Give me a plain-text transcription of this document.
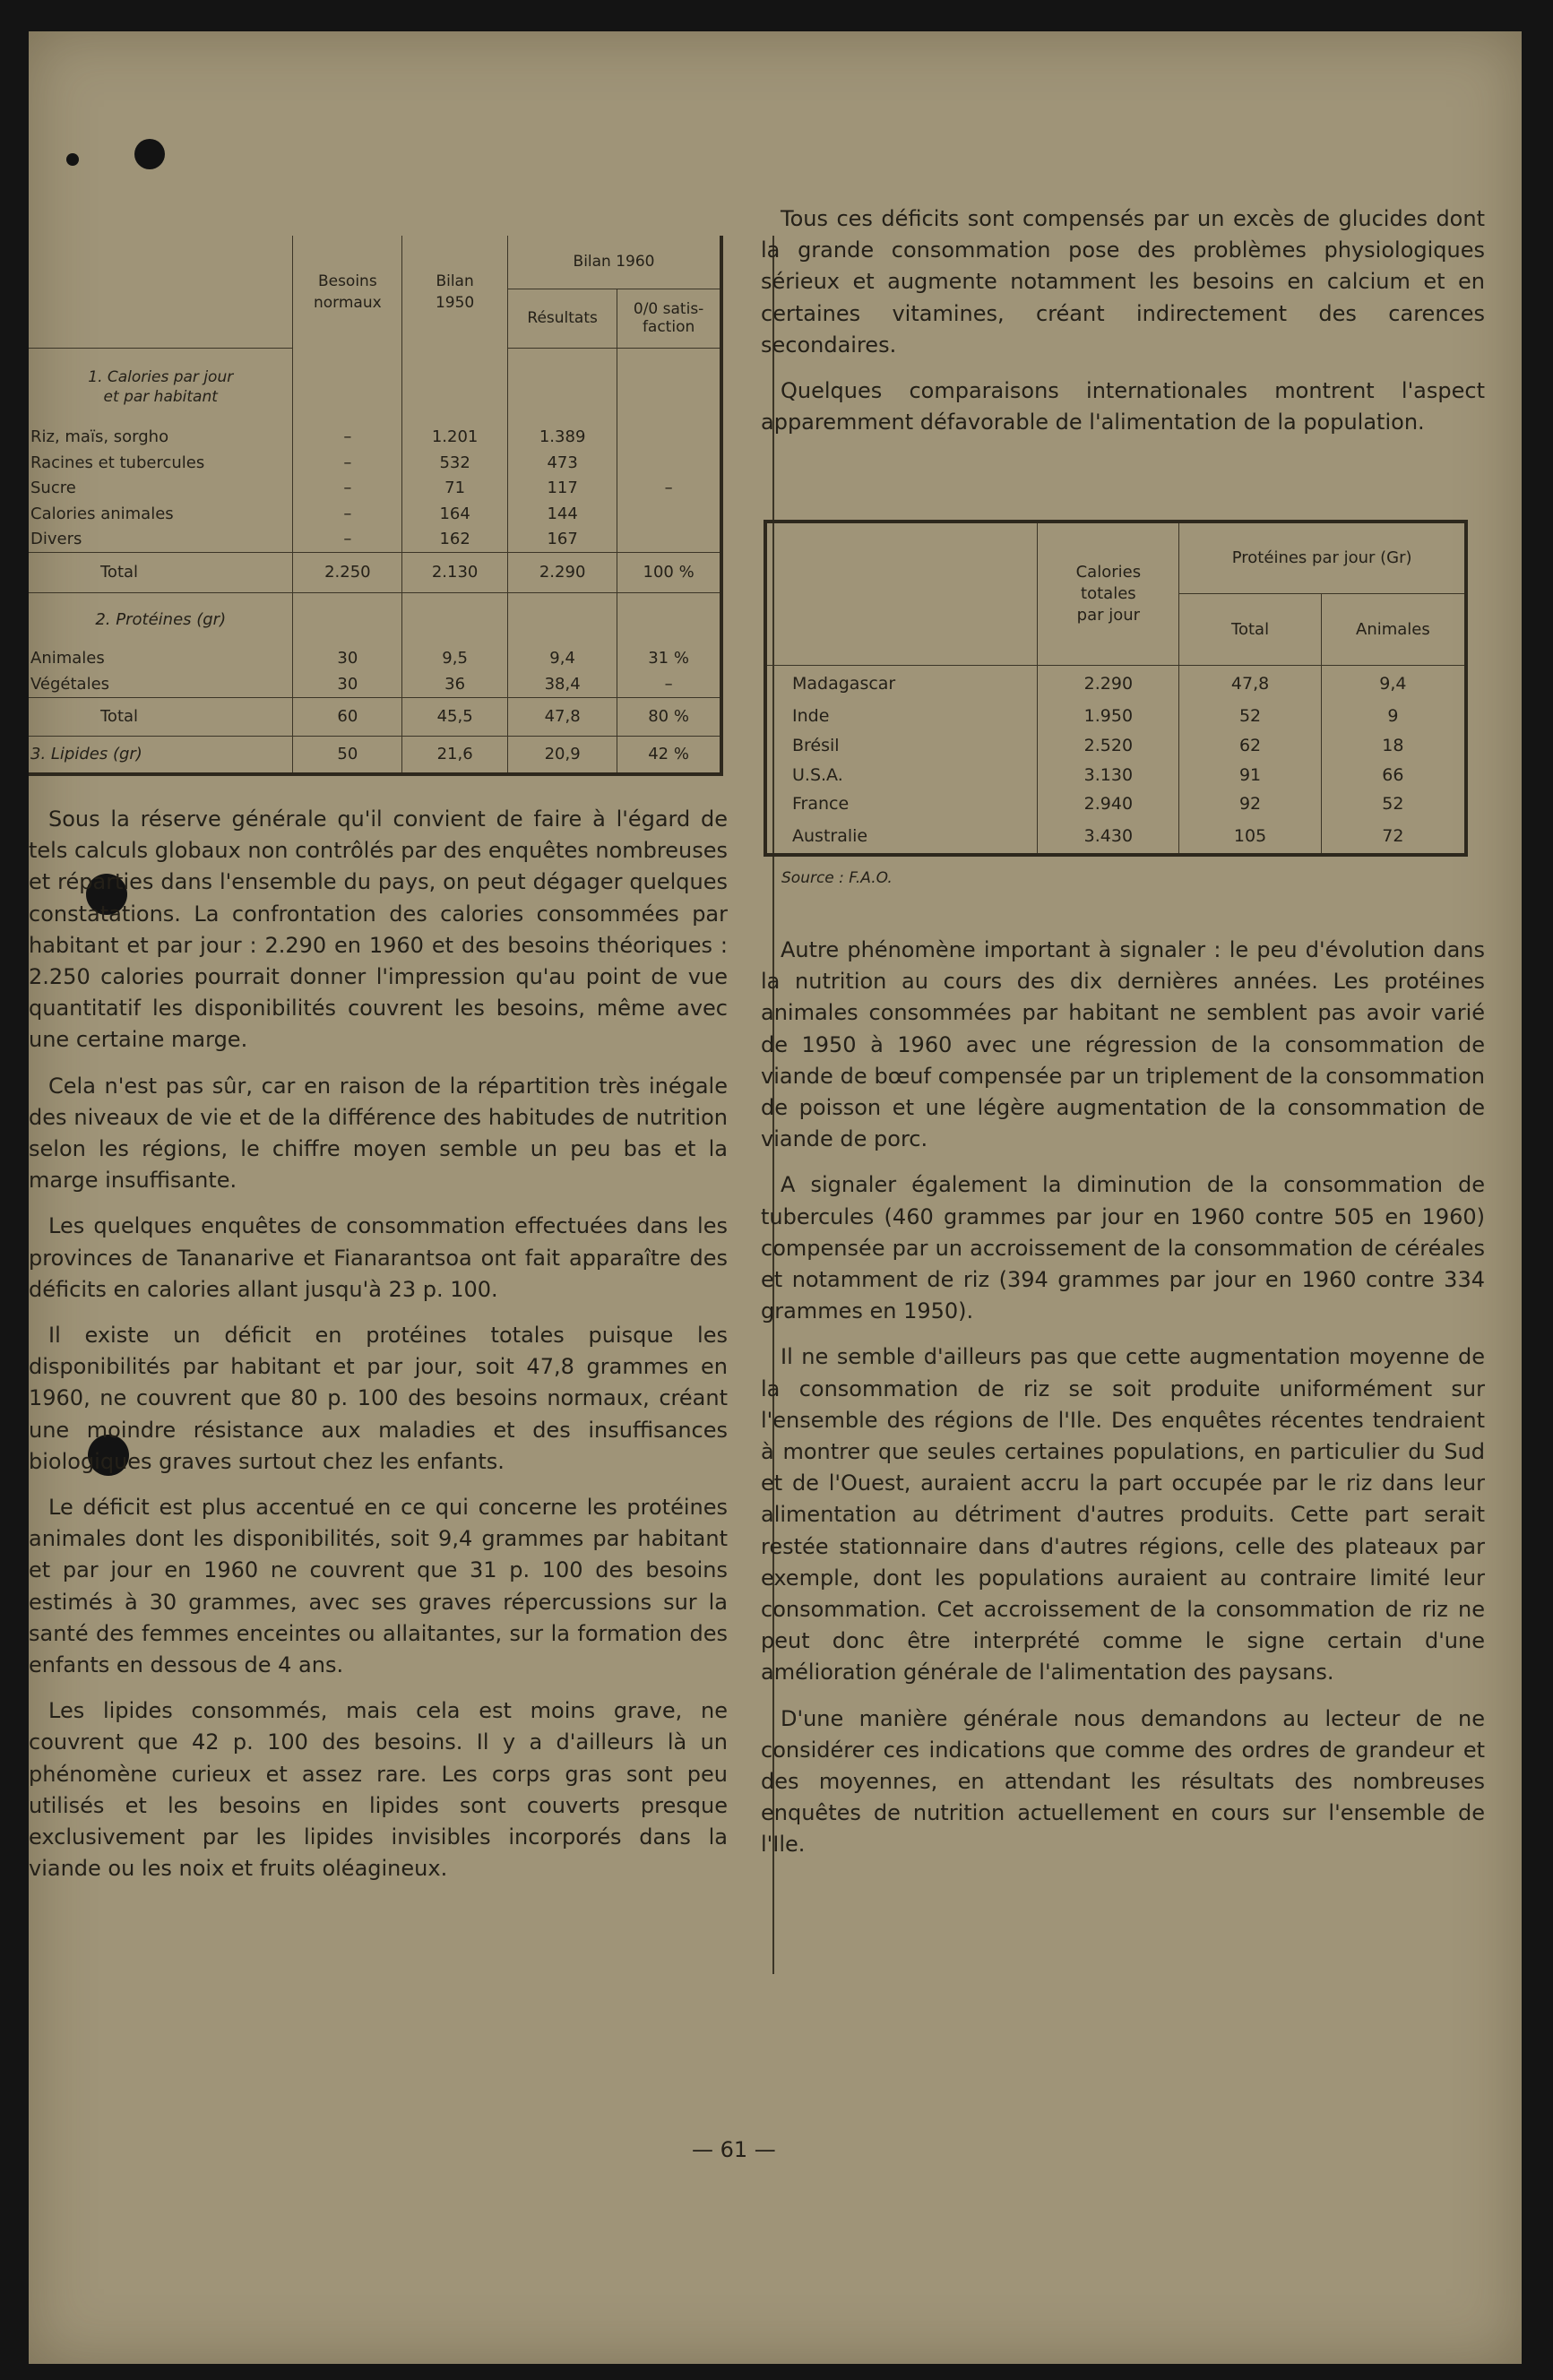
	Besoins
normaux	Bilan
1950	Bilan 1960	
			Résultats	0/0 satis-
faction
1. Calories par jour
et par habitant				
Riz, maïs, sorgho	–	1.201	1.389	
Racines et tubercules	–	532	473	
Sucre	–	71	117	–
Calories animales	–	164	144	
Divers	–	162	167	
Total	2.250	2.130	2.290	100 %
2. Protéines (gr)				
Animales	30	9,5	9,4	31 %
Végétales	30	36	38,4	–
Total	60	45,5	47,8	80 %
3. Lipides (gr)	50	21,6	20,9	42 %

Tous ces déficits sont compensés par un excès de glucides dont la grande consommation pose des problèmes physiologiques sérieux et augmente notamment les besoins en calcium et en certaines vitamines, créant indirectement des carences secondaires.

Quelques comparaisons internationales montrent l'aspect apparemment défavorable de l'alimentation de la population.

	Calories
totales
par jour	Protéines par jour (Gr)	
		Total	Animales
Madagascar	2.290	47,8	9,4
Inde	1.950	52	9
Brésil	2.520	62	18
U.S.A.	3.130	91	66
France	2.940	92	52
Australie	3.430	105	72
Source : F.A.O.

Autre phénomène important à signaler : le peu d'évolution dans la nutrition au cours des dix dernières années. Les protéines animales consommées par habitant ne semblent pas avoir varié de 1950 à 1960 avec une régression de la consommation de viande de bœuf compensée par un triplement de la consommation de poisson et une légère augmentation de la consommation de viande de porc.

A signaler également la diminution de la consommation de tubercules (460 grammes par jour en 1960 contre 505 en 1960) compensée par un accroissement de la consommation de céréales et notamment de riz (394 grammes par jour en 1960 contre 334 grammes en 1950).

Il ne semble d'ailleurs pas que cette augmentation moyenne de la consommation de riz se soit produite uniformément sur l'ensemble des régions de l'Ile. Des enquêtes récentes tendraient à montrer que seules certaines populations, en particulier du Sud et de l'Ouest, auraient accru la part occupée par le riz dans leur alimentation au détriment d'autres produits. Cette part serait restée stationnaire dans d'autres régions, celle des plateaux par exemple, dont les populations auraient au contraire limité leur consommation. Cet accroissement de la consommation de riz ne peut donc être interprété comme le signe certain d'une amélioration générale de l'alimentation des paysans.

D'une manière générale nous demandons au lecteur de ne considérer ces indications que comme des ordres de grandeur et des moyennes, en attendant les résultats des nombreuses enquêtes de nutrition actuellement en cours sur l'ensemble de l'Ile.

Sous la réserve générale qu'il convient de faire à l'égard de tels calculs globaux non contrôlés par des enquêtes nombreuses et réparties dans l'ensemble du pays, on peut dégager quelques constatations. La confrontation des calories consommées par habitant et par jour : 2.290 en 1960 et des besoins théoriques : 2.250 calories pourrait donner l'impression qu'au point de vue quantitatif les disponibilités couvrent les besoins, même avec une certaine marge.

Cela n'est pas sûr, car en raison de la répartition très inégale des niveaux de vie et de la différence des habitudes de nutrition selon les régions, le chiffre moyen semble un peu bas et la marge insuffisante.

Les quelques enquêtes de consommation effectuées dans les provinces de Tananarive et Fianarantsoa ont fait apparaître des déficits en calories allant jusqu'à 23 p. 100.

Il existe un déficit en protéines totales puisque les disponibilités par habitant et par jour, soit 47,8 grammes en 1960, ne couvrent que 80 p. 100 des besoins normaux, créant une moindre résistance aux maladies et des insuffisances biologiques graves surtout chez les enfants.

Le déficit est plus accentué en ce qui concerne les protéines animales dont les disponibilités, soit 9,4 grammes par habitant et par jour en 1960 ne couvrent que 31 p. 100 des besoins estimés à 30 grammes, avec ses graves répercussions sur la santé des femmes enceintes ou allaitantes, sur la formation des enfants en dessous de 4 ans.

Les lipides consommés, mais cela est moins grave, ne couvrent que 42 p. 100 des besoins. Il y a d'ailleurs là un phénomène curieux et assez rare. Les corps gras sont peu utilisés et les besoins en lipides sont couverts presque exclusivement par les lipides invisibles incorporés dans la viande ou les noix et fruits oléagineux.

— 61 —
